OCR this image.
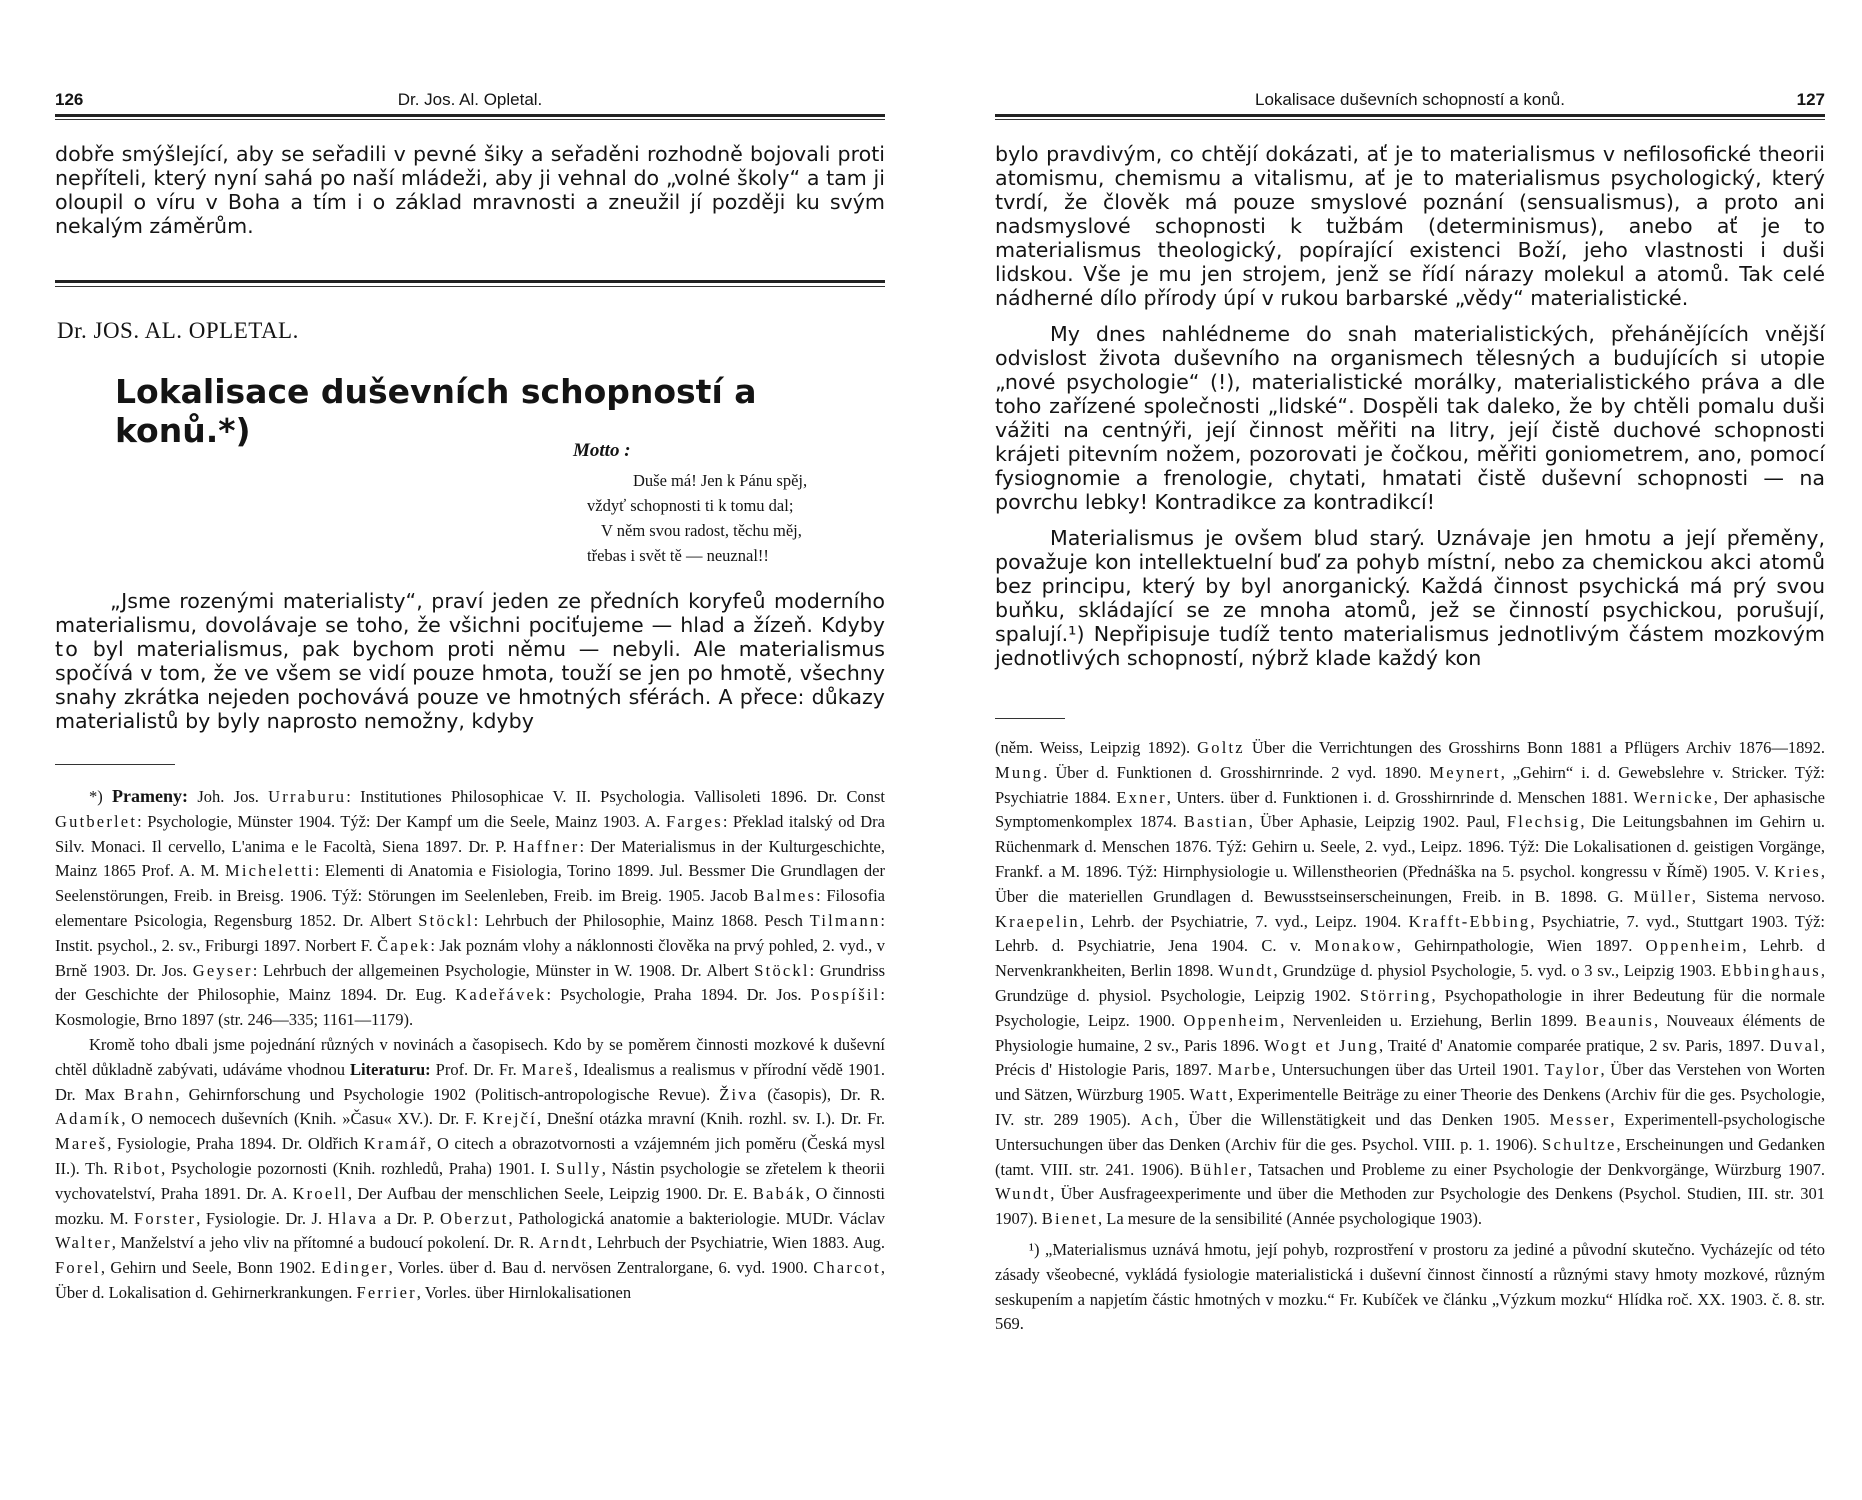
126	Dr. Jos. Al. Opletal.

dobře smýšlející, aby se seřadili v pevné šiky a seřaděni rozhodně bojovali proti nepříteli, který nyní sahá po naší mládeži, aby ji vehnal do „volné školy“ a tam ji oloupil o víru v Boha a tím i o základ mravnosti a zneužil jí později ku svým nekalým záměrům.

Dr. JOS. AL. OPLETAL.
Lokalisace duševních schopností a konů.*)
Motto :
Duše má! Jen k Pánu spěj,
vždyť schopnosti ti k tomu dal;
V něm svou radost, těchu měj,
třebas i svět tě — neuznal!!

„Jsme rozenými materialisty“, praví jeden ze předních koryfeů moderního materialismu, dovolávaje se toho, že všichni pociťujeme — hlad a žízeň. Kdyby to byl materialismus, pak bychom proti němu — nebyli. Ale materialismus spočívá v tom, že ve všem se vidí pouze hmota, touží se jen po hmotě, všechny snahy zkrátka nejeden pochovává pouze ve hmotných sférách. A přece: důkazy materialistů by byly naprosto nemožny, kdyby

*) Prameny: Joh. Jos. Urraburu: Institutiones Philosophicae V. II. Psychologia. Vallisoleti 1896. Dr. Const Gutberlet: Psychologie, Münster 1904. Týž: Der Kampf um die Seele, Mainz 1903. A. Farges: Překlad italský od Dra Silv. Monaci. Il cervello, L'anima e le Facoltà, Siena 1897. Dr. P. Haffner: Der Materialismus in der Kulturgeschichte, Mainz 1865 Prof. A. M. Micheletti: Elementi di Anatomia e Fisiologia, Torino 1899. Jul. Bessmer Die Grundlagen der Seelenstörungen, Freib. in Breisg. 1906. Týž: Störungen im Seelenleben, Freib. im Breig. 1905. Jacob Balmes: Filosofia elementare Psicologia, Regensburg 1852. Dr. Albert Stöckl: Lehrbuch der Philosophie, Mainz 1868. Pesch Tilmann: Instit. psychol., 2. sv., Friburgi 1897. Norbert F. Čapek: Jak poznám vlohy a náklonnosti člověka na prvý pohled, 2. vyd., v Brně 1903. Dr. Jos. Geyser: Lehrbuch der allgemeinen Psychologie, Münster in W. 1908. Dr. Albert Stöckl: Grundriss der Geschichte der Philosophie, Mainz 1894. Dr. Eug. Kadeřávek: Psychologie, Praha 1894. Dr. Jos. Pospíšil: Kosmologie, Brno 1897 (str. 246—335; 1161—1179).

Kromě toho dbali jsme pojednání různých v novinách a časopisech. Kdo by se poměrem činnosti mozkové k duševní chtěl důkladně zabývati, udáváme vhodnou Literaturu: Prof. Dr. Fr. Mareš, Idealismus a realismus v přírodní vědě 1901. Dr. Max Brahn, Gehirnforschung und Psychologie 1902 (Politisch-antropologische Revue). Živa (časopis), Dr. R. Adamík, O nemocech duševních (Knih. »Času« XV.). Dr. F. Krejčí, Dnešní otázka mravní (Knih. rozhl. sv. I.). Dr. Fr. Mareš, Fysiologie, Praha 1894. Dr. Oldřich Kramář, O citech a obrazotvornosti a vzájemném jich poměru (Česká mysl II.). Th. Ribot, Psychologie pozornosti (Knih. rozhledů, Praha) 1901. I. Sully, Nástin psychologie se zřetelem k theorii vychovatelství, Praha 1891. Dr. A. Kroell, Der Aufbau der menschlichen Seele, Leipzig 1900. Dr. E. Babák, O činnosti mozku. M. Forster, Fysiologie. Dr. J. Hlava a Dr. P. Oberzut, Pathologická anatomie a bakteriologie. MUDr. Václav Walter, Manželství a jeho vliv na přítomné a budoucí pokolení. Dr. R. Arndt, Lehrbuch der Psychiatrie, Wien 1883. Aug. Forel, Gehirn und Seele, Bonn 1902. Edinger, Vorles. über d. Bau d. nervösen Zentralorgane, 6. vyd. 1900. Charcot, Über d. Lokalisation d. Gehirnerkrankungen. Ferrier, Vorles. über Hirnlokalisationen

Lokalisace duševních schopností a konů.	127

bylo pravdivým, co chtějí dokázati, ať je to materialismus v nefilosofické theorii atomismu, chemismu a vitalismu, ať je to materialismus psychologický, který tvrdí, že člověk má pouze smyslové poznání (sensualismus), a proto ani nadsmyslové schopnosti k tužbám (determinismus), anebo ať je to materialismus theologický, popírající existenci Boží, jeho vlastnosti i duši lidskou. Vše je mu jen strojem, jenž se řídí nárazy molekul a atomů. Tak celé nádherné dílo přírody úpí v rukou barbarské „vědy“ materialistické.

My dnes nahlédneme do snah materialistických, přehánějících vnější odvislost života duševního na organismech tělesných a budujících si utopie „nové psychologie“ (!), materialistické morálky, materialistického práva a dle toho zařízené společnosti „lidské“. Dospěli tak daleko, že by chtěli pomalu duši vážiti na centnýři, její činnost měřiti na litry, její čistě duchové schopnosti krájeti pitevním nožem, pozorovati je čočkou, měřiti goniometrem, ano, pomocí fysiognomie a frenologie, chytati, hmatati čistě duševní schopnosti — na povrchu lebky! Kontradikce za kontradikcí!

Materialismus je ovšem blud starý. Uznávaje jen hmotu a její přeměny, považuje kon intellektuelní buď za pohyb místní, nebo za chemickou akci atomů bez principu, který by byl anorganický. Každá činnost psychická má prý svou buňku, skládající se ze mnoha atomů, jež se činností psychickou, porušují, spalují.¹) Nepřipisuje tudíž tento materialismus jednotlivým částem mozkovým jednotlivých schopností, nýbrž klade každý kon

(něm. Weiss, Leipzig 1892). Goltz Über die Verrichtungen des Grosshirns Bonn 1881 a Pflügers Archiv 1876—1892. Mung. Über d. Funktionen d. Grosshirnrinde. 2 vyd. 1890. Meynert, „Gehirn“ i. d. Gewebslehre v. Stricker. Týž: Psychiatrie 1884. Exner, Unters. über d. Funktionen i. d. Grosshirnrinde d. Menschen 1881. Wernicke, Der aphasische Symptomenkomplex 1874. Bastian, Über Aphasie, Leipzig 1902. Paul, Flechsig, Die Leitungsbahnen im Gehirn u. Rüchenmark d. Menschen 1876. Týž: Gehirn u. Seele, 2. vyd., Leipz. 1896. Týž: Die Lokalisationen d. geistigen Vorgänge, Frankf. a M. 1896. Týž: Hirnphysiologie u. Willenstheorien (Přednáška na 5. psychol. kongressu v Římě) 1905. V. Kries, Über die materiellen Grundlagen d. Bewusstseinserscheinungen, Freib. in B. 1898. G. Müller, Sistema nervoso. Kraepelin, Lehrb. der Psychiatrie, 7. vyd., Leipz. 1904. Krafft-Ebbing, Psychiatrie, 7. vyd., Stuttgart 1903. Týž: Lehrb. d. Psychiatrie, Jena 1904. C. v. Monakow, Gehirnpathologie, Wien 1897. Oppenheim, Lehrb. d Nervenkrankheiten, Berlin 1898. Wundt, Grundzüge d. physiol Psychologie, 5. vyd. o 3 sv., Leipzig 1903. Ebbinghaus, Grundzüge d. physiol. Psychologie, Leipzig 1902. Störring, Psychopathologie in ihrer Bedeutung für die normale Psychologie, Leipz. 1900. Oppenheim, Nervenleiden u. Erziehung, Berlin 1899. Beaunis, Nouveaux éléments de Physiologie humaine, 2 sv., Paris 1896. Wogt et Jung, Traité d' Anatomie comparée pratique, 2 sv. Paris, 1897. Duval, Précis d' Histologie Paris, 1897. Marbe, Untersuchungen über das Urteil 1901. Taylor, Über das Verstehen von Worten und Sätzen, Würzburg 1905. Watt, Experimentelle Beiträge zu einer Theorie des Denkens (Archiv für die ges. Psychologie, IV. str. 289 1905). Ach, Über die Willenstätigkeit und das Denken 1905. Messer, Experimentell-psychologische Untersuchungen über das Denken (Archiv für die ges. Psychol. VIII. p. 1. 1906). Schultze, Erscheinungen und Gedanken (tamt. VIII. str. 241. 1906). Bühler, Tatsachen und Probleme zu einer Psychologie der Denkvorgänge, Würzburg 1907. Wundt, Über Ausfrageexperimente und über die Methoden zur Psychologie des Denkens (Psychol. Studien, III. str. 301 1907). Bienet, La mesure de la sensibilité (Année psychologique 1903).

¹) „Materialismus uznává hmotu, její pohyb, rozprostření v prostoru za jediné a původní skutečno. Vycházejíc od této zásady všeobecné, vykládá fysiologie materialistická i duševní činnost činností a různými stavy hmoty mozkové, různým seskupením a napjetím částic hmotných v mozku.“ Fr. Kubíček ve článku „Výzkum mozku“ Hlídka roč. XX. 1903. č. 8. str. 569.
